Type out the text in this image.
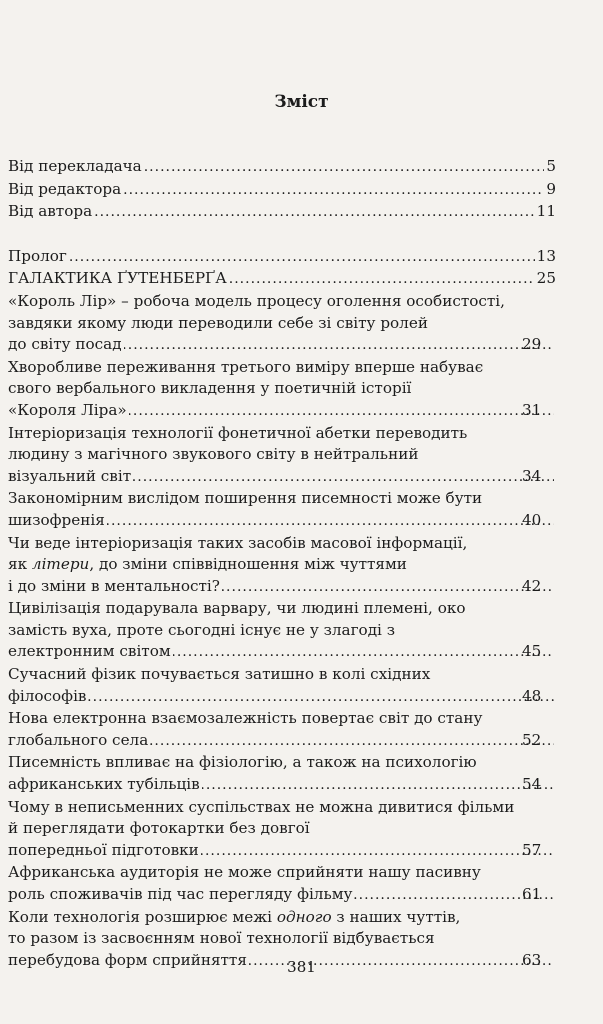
Зміст
Від перекладача .....	5
Від редактора .....	9
Від автора .....	11
Пролог .....	13
ГАЛАКТИКА ҐУТЕНБЕРҐА .....	25
«Король Лір» – робоча модель процесу оголення особистості,
завдяки якому люди переводили себе зі світу ролей
до світу посад .....	29
Хворобливе переживання третього виміру вперше набуває
свого вербального викладення у поетичній історії
«Короля Ліра» .....	31
Інтеріоризація технології фонетичної абетки переводить
людину з магічного звукового світу в нейтральний
візуальний світ .....	34
Закономірним вислідом поширення писемності може бути
шизофренія .....	40
Чи веде інтеріоризація таких засобів масової інформації,
як літери, до зміни співвідношення між чуттями
і до зміни в ментальності? .....	42
Цивілізація подарувала варвару, чи людині племені, око
замість вуха, проте сьогодні існує не у злагоді з
електронним світом .....	45
Сучасний фізик почувається затишно в колі східних
філософів .....	48
Нова електронна взаємозалежність повертає світ до стану
глобального села .....	52
Писемність впливає на фізіологію, а також на психологію
африканських тубільців .....	54
Чому в неписьменних суспільствах не можна дивитися фільми
й переглядати фотокартки без довгої
попередньої підготовки .....	57
Африканська аудиторія не може сприйняти нашу пасивну
роль споживачів під час перегляду фільму .....	61
Коли технологія розширює межі одного з наших чуттів,
то разом із засвоєнням нової технології відбувається
перебудова форм сприйняття .....	63
381
